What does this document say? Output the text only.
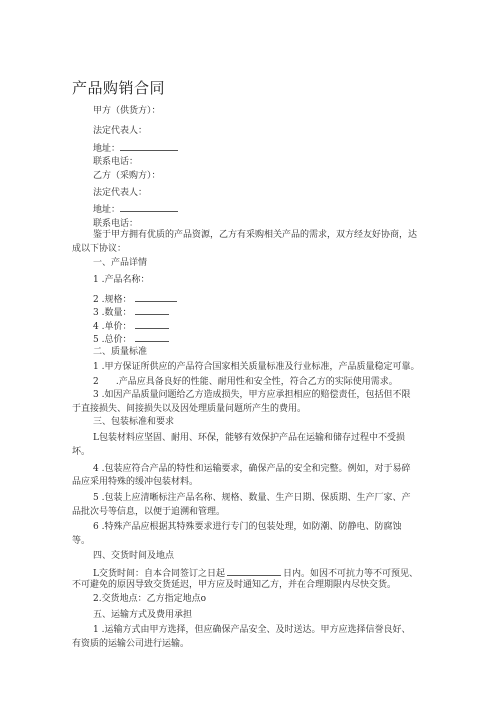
产品购销合同
甲方（供货方）：
法定代表人：
地址：
联系电话：
乙方（采购方）：
法定代表人：
地址：
联系电话：
鉴于甲方拥有优质的产品资源，乙方有采购相关产品的需求，双方经友好协商，达
成以下协议：
一、产品详情
1 .产品名称：
2 .规格：
3 .数量：
4 .单价：
5 .总价：
二、质量标准
1 .甲方保证所供应的产品符合国家相关质量标准及行业标准，产品质量稳定可靠。
2      .产品应具备良好的性能、耐用性和安全性，符合乙方的实际使用需求。
3 .如因产品质量问题给乙方造成损失，甲方应承担相应的赔偿责任，包括但不限
于直接损失、间接损失以及因处理质量问题所产生的费用。
三、包装标准和要求
L包装材料应坚固、耐用、环保，能够有效保护产品在运输和储存过程中不受损
坏。
4 .包装应符合产品的特性和运输要求，确保产品的安全和完整。例如，对于易碎
品应采用特殊的缓冲包装材料。
5 .包装上应清晰标注产品名称、规格、数量、生产日期、保质期、生产厂家、产
品批次号等信息，以便于追溯和管理。
6 .特殊产品应根据其特殊要求进行专门的包装处理，如防潮、防静电、防腐蚀
等。
四、交货时间及地点
L交货时间：自本合同签订之日起	日内。如因不可抗力等不可预见、
不可避免的原因导致交货延迟，甲方应及时通知乙方，并在合理期限内尽快交货。
2.交货地点：乙方指定地点o
五、运输方式及费用承担
1 .运输方式由甲方选择，但应确保产品安全、及时送达。甲方应选择信誉良好、
有资质的运输公司进行运输。
